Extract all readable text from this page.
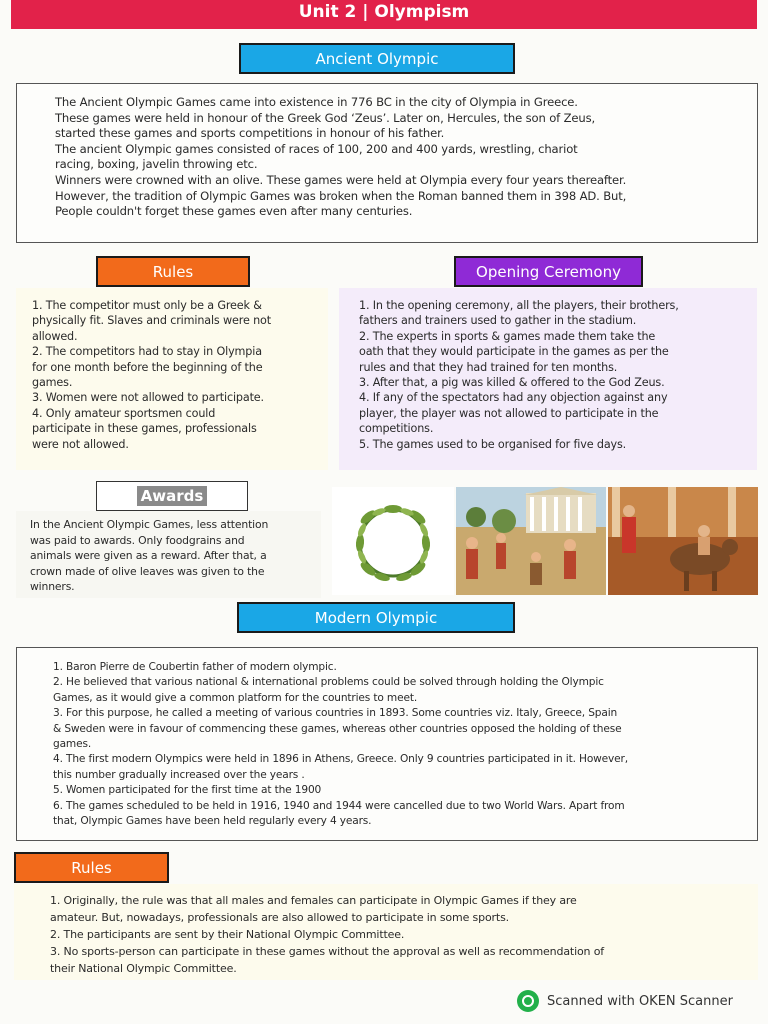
Unit 2 | Olympism
Ancient Olympic

The Ancient Olympic Games came into existence in 776 BC in the city of Olympia in Greece.

These games were held in honour of the Greek God ‘Zeus’. Later on, Hercules, the son of Zeus,

started these games and sports competitions in honour of his father.

The ancient Olympic games consisted of races of 100, 200 and 400 yards, wrestling, chariot

racing, boxing, javelin throwing etc.

Winners were crowned with an olive. These games were held at Olympia every four years thereafter.

However, the tradition of Olympic Games was broken when the Roman banned them in 398 AD. But,

People couldn't forget these games even after many centuries.

Rules

1. The competitor must only be a Greek &

physically fit. Slaves and criminals were not

allowed.

2. The competitors had to stay in Olympia

for one month before the beginning of the

games.

3. Women were not allowed to participate.

4. Only amateur sportsmen could

participate in these games, professionals

were not allowed.

Opening Ceremony

1. In the opening ceremony, all the players, their brothers,

fathers and trainers used to gather in the stadium.

2. The experts in sports & games made them take the

oath that they would participate in the games as per the

rules and that they had trained for ten months.

3. After that, a pig was killed & offered to the God Zeus.

4. If any of the spectators had any objection against any

player, the player was not allowed to participate in the

competitions.

5. The games used to be organised for five days.

Awards

In the Ancient Olympic Games, less attention

was paid to awards. Only foodgrains and

animals were given as a reward. After that, a

crown made of olive leaves was given to the

winners.

Modern Olympic

1. Baron Pierre de Coubertin father of modern olympic.

2. He believed that various national & international problems could be solved through holding the Olympic

Games, as it would give a common platform for the countries to meet.

3. For this purpose, he called a meeting of various countries in 1893. Some countries viz. Italy, Greece, Spain

& Sweden were in favour of commencing these games, whereas other countries opposed the holding of these

games.

4. The first modern Olympics were held in 1896 in Athens, Greece. Only 9 countries participated in it. However,

this number gradually increased over the years .

5. Women participated for the first time at the 1900

6. The games scheduled to be held in 1916, 1940 and 1944 were cancelled due to two World Wars. Apart from

that, Olympic Games have been held regularly every 4 years.

Rules

1. Originally, the rule was that all males and females can participate in Olympic Games if they are

amateur. But, nowadays, professionals are also allowed to participate in some sports.

2. The participants are sent by their National Olympic Committee.

3. No sports-person can participate in these games without the approval as well as recommendation of

their National Olympic Committee.

Scanned with OKEN Scanner
